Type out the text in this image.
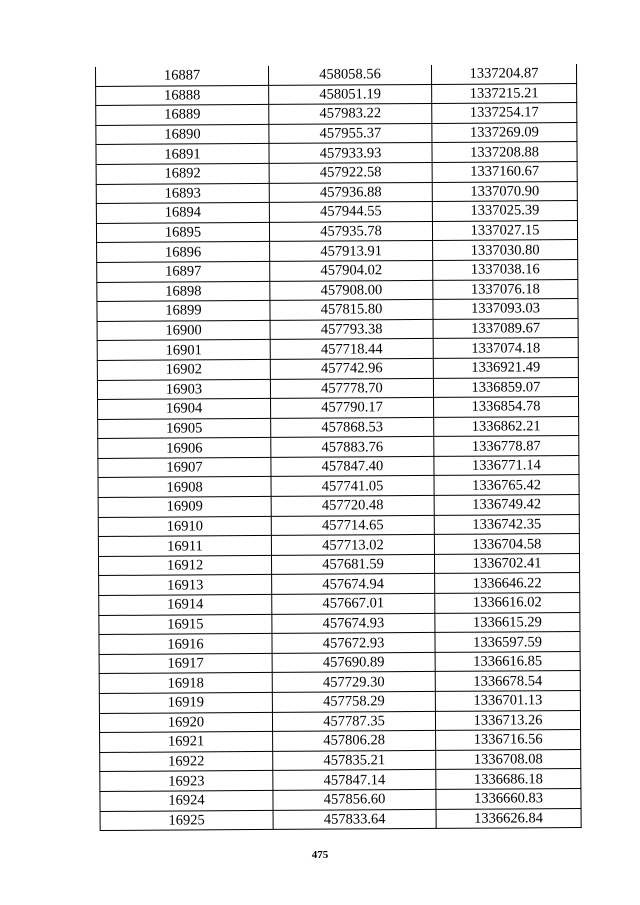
16887	458058.56	1337204.87
16888	458051.19	1337215.21
16889	457983.22	1337254.17
16890	457955.37	1337269.09
16891	457933.93	1337208.88
16892	457922.58	1337160.67
16893	457936.88	1337070.90
16894	457944.55	1337025.39
16895	457935.78	1337027.15
16896	457913.91	1337030.80
16897	457904.02	1337038.16
16898	457908.00	1337076.18
16899	457815.80	1337093.03
16900	457793.38	1337089.67
16901	457718.44	1337074.18
16902	457742.96	1336921.49
16903	457778.70	1336859.07
16904	457790.17	1336854.78
16905	457868.53	1336862.21
16906	457883.76	1336778.87
16907	457847.40	1336771.14
16908	457741.05	1336765.42
16909	457720.48	1336749.42
16910	457714.65	1336742.35
16911	457713.02	1336704.58
16912	457681.59	1336702.41
16913	457674.94	1336646.22
16914	457667.01	1336616.02
16915	457674.93	1336615.29
16916	457672.93	1336597.59
16917	457690.89	1336616.85
16918	457729.30	1336678.54
16919	457758.29	1336701.13
16920	457787.35	1336713.26
16921	457806.28	1336716.56
16922	457835.21	1336708.08
16923	457847.14	1336686.18
16924	457856.60	1336660.83
16925	457833.64	1336626.84
475
